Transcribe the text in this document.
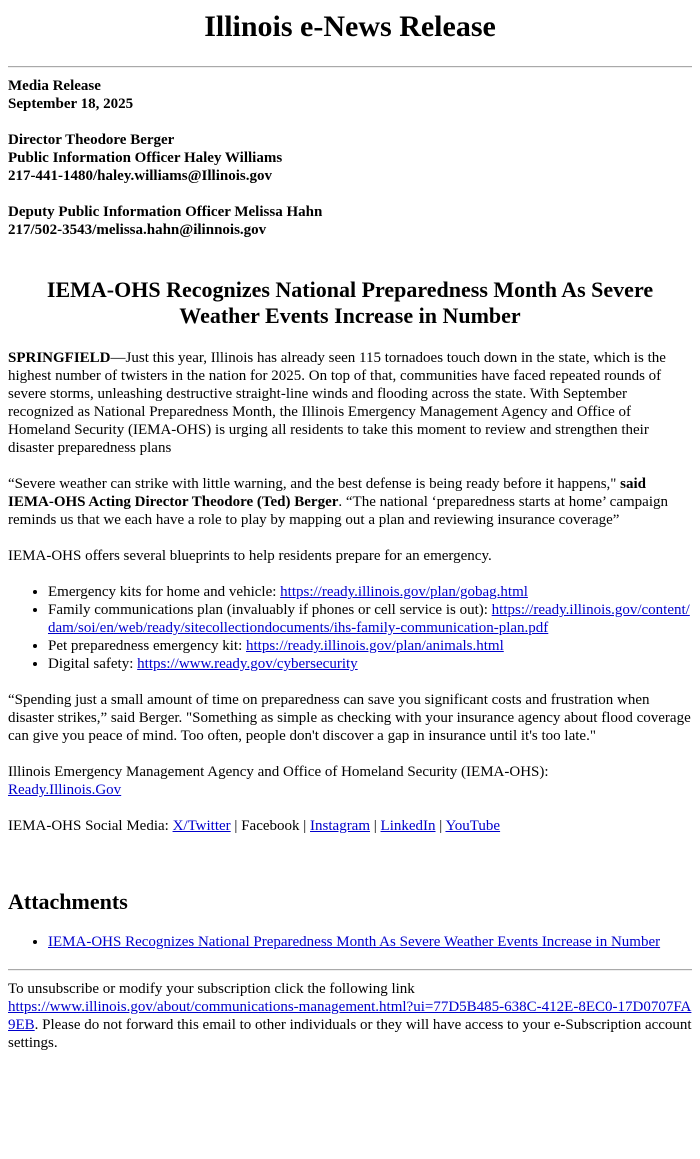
Illinois e-News Release
Media Release
September 18, 2025
Director Theodore Berger
Public Information Officer Haley Williams
217-441-1480/haley.williams@Illinois.gov
Deputy Public Information Officer Melissa Hahn
217/502-3543/melissa.hahn@ilinnois.gov
IEMA-OHS Recognizes National Preparedness Month As Severe Weather Events Increase in Number

SPRINGFIELD—Just this year, Illinois has already seen 115 tornadoes touch down in the state, which is the highest number of twisters in the nation for 2025. On top of that, communities have faced repeated rounds of severe storms, unleashing destructive straight-line winds and flooding across the state. With September recognized as National Preparedness Month, the Illinois Emergency Management Agency and Office of Homeland Security (IEMA-OHS) is urging all residents to take this moment to review and strengthen their disaster preparedness plans

“Severe weather can strike with little warning, and the best defense is being ready before it happens," said IEMA-OHS Acting Director Theodore (Ted) Berger. “The national ‘preparedness starts at home’ campaign reminds us that we each have a role to play by mapping out a plan and reviewing insurance coverage”

IEMA-OHS offers several blueprints to help residents prepare for an emergency.

• Emergency kits for home and vehicle: https://ready.illinois.gov/plan/gobag.html
• Family communications plan (invaluably if phones or cell service is out): https://ready.illinois.gov/content/dam/soi/en/web/ready/sitecollectiondocuments/ihs-family-communication-plan.pdf
• Pet preparedness emergency kit: https://ready.illinois.gov/plan/animals.html
• Digital safety: https://www.ready.gov/cybersecurity

“Spending just a small amount of time on preparedness can save you significant costs and frustration when disaster strikes,” said Berger. "Something as simple as checking with your insurance agency about flood coverage can give you peace of mind. Too often, people don't discover a gap in insurance until it's too late."

Illinois Emergency Management Agency and Office of Homeland Security (IEMA-OHS):
Ready.Illinois.Gov

IEMA-OHS Social Media: X/Twitter | Facebook | Instagram | LinkedIn | YouTube

Attachments
• IEMA-OHS Recognizes National Preparedness Month As Severe Weather Events Increase in Number

To unsubscribe or modify your subscription click the following link
https://www.illinois.gov/about/communications-management.html?ui=77D5B485-638C-412E-8EC0-17D0707FA9EB. Please do not forward this email to other individuals or they will have access to your e-Subscription account settings.
